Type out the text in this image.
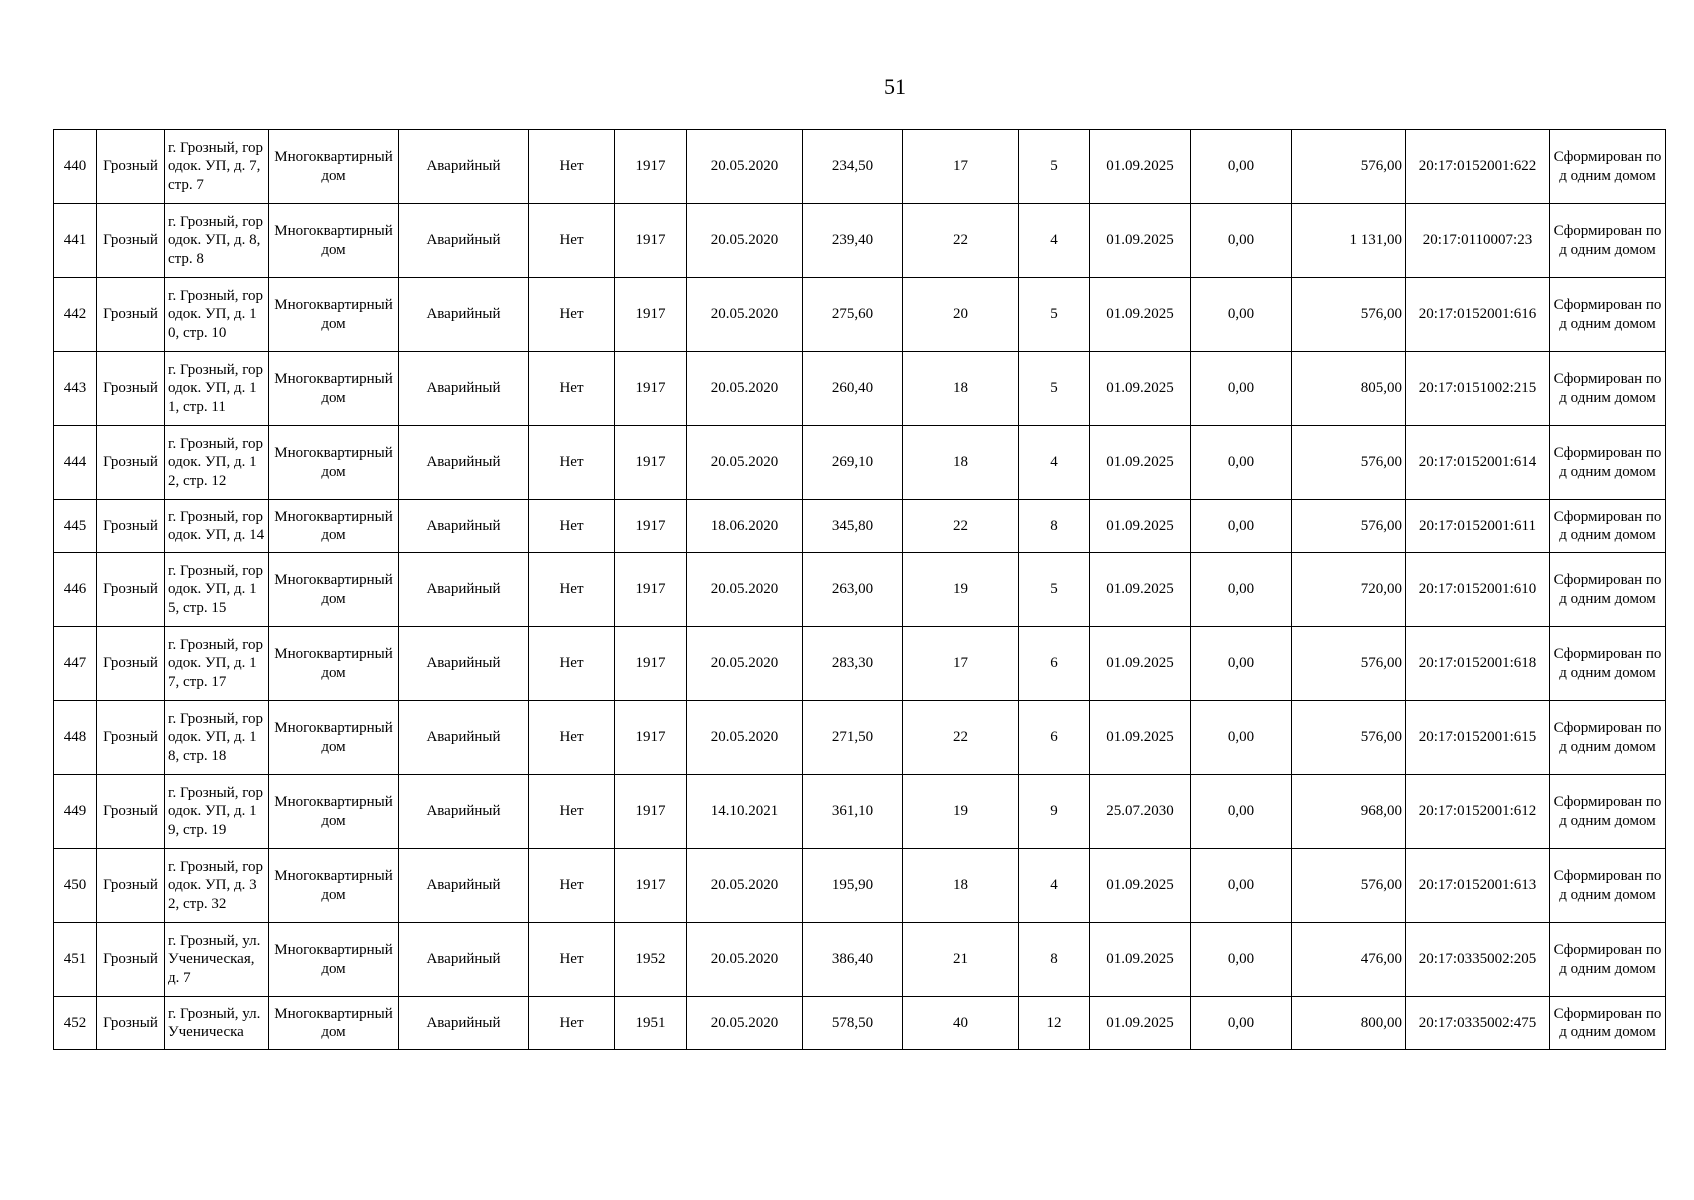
51
440	Грозный	г. Грозный, городок. УП, д. 7, стр. 7	Многоквартирный дом	Аварийный	Нет	1917	20.05.2020	234,50	17	5	01.09.2025	0,00	576,00	20:17:0152001:622	Сформирован под одним домом

441	Грозный	г. Грозный, городок. УП, д. 8, стр. 8	Многоквартирный дом	Аварийный	Нет	1917	20.05.2020	239,40	22	4	01.09.2025	0,00	1 131,00	20:17:0110007:23	Сформирован под одним домом

442	Грозный	г. Грозный, городок. УП, д. 10, стр. 10	Многоквартирный дом	Аварийный	Нет	1917	20.05.2020	275,60	20	5	01.09.2025	0,00	576,00	20:17:0152001:616	Сформирован под одним домом

443	Грозный	г. Грозный, городок. УП, д. 11, стр. 11	Многоквартирный дом	Аварийный	Нет	1917	20.05.2020	260,40	18	5	01.09.2025	0,00	805,00	20:17:0151002:215	Сформирован под одним домом

444	Грозный	г. Грозный, городок. УП, д. 12, стр. 12	Многоквартирный дом	Аварийный	Нет	1917	20.05.2020	269,10	18	4	01.09.2025	0,00	576,00	20:17:0152001:614	Сформирован под одним домом

445	Грозный	г. Грозный, городок. УП, д. 14	Многоквартирный дом	Аварийный	Нет	1917	18.06.2020	345,80	22	8	01.09.2025	0,00	576,00	20:17:0152001:611	Сформирован под одним домом

446	Грозный	г. Грозный, городок. УП, д. 15, стр. 15	Многоквартирный дом	Аварийный	Нет	1917	20.05.2020	263,00	19	5	01.09.2025	0,00	720,00	20:17:0152001:610	Сформирован под одним домом

447	Грозный	г. Грозный, городок. УП, д. 17, стр. 17	Многоквартирный дом	Аварийный	Нет	1917	20.05.2020	283,30	17	6	01.09.2025	0,00	576,00	20:17:0152001:618	Сформирован под одним домом

448	Грозный	г. Грозный, городок. УП, д. 18, стр. 18	Многоквартирный дом	Аварийный	Нет	1917	20.05.2020	271,50	22	6	01.09.2025	0,00	576,00	20:17:0152001:615	Сформирован под одним домом

449	Грозный	г. Грозный, городок. УП, д. 19, стр. 19	Многоквартирный дом	Аварийный	Нет	1917	14.10.2021	361,10	19	9	25.07.2030	0,00	968,00	20:17:0152001:612	Сформирован под одним домом

450	Грозный	г. Грозный, городок. УП, д. 32, стр. 32	Многоквартирный дом	Аварийный	Нет	1917	20.05.2020	195,90	18	4	01.09.2025	0,00	576,00	20:17:0152001:613	Сформирован под одним домом

451	Грозный	г. Грозный, ул. Ученическая, д. 7	Многоквартирный дом	Аварийный	Нет	1952	20.05.2020	386,40	21	8	01.09.2025	0,00	476,00	20:17:0335002:205	Сформирован под одним домом

452	Грозный	г. Грозный, ул. Ученическа	Многоквартирный дом	Аварийный	Нет	1951	20.05.2020	578,50	40	12	01.09.2025	0,00	800,00	20:17:0335002:475	Сформирован под одним домом
